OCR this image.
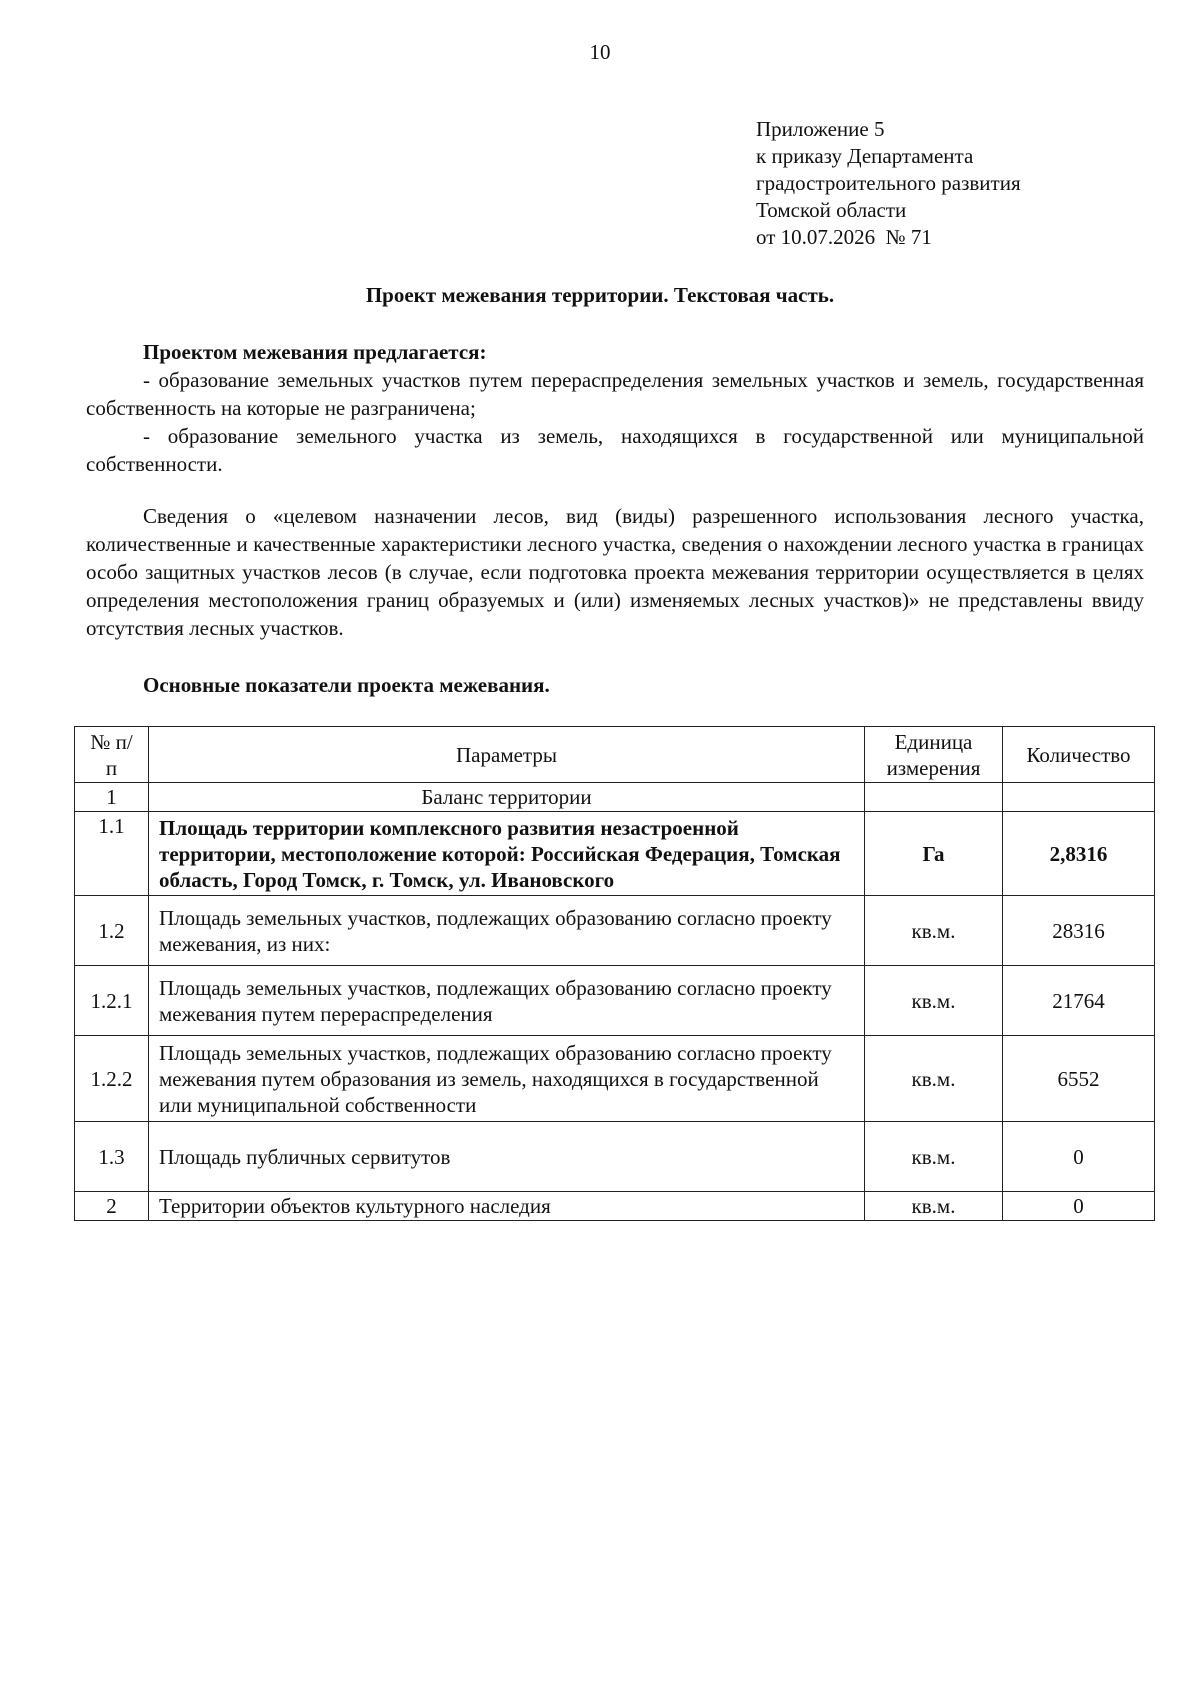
10
Приложение 5
к приказу Департамента
градостроительного развития
Томской области
от 10.07.2026  № 71
Проект межевания территории. Текстовая часть.
Проектом межевания предлагается:

- образование земельных участков путем перераспределения земельных участков и земель, государственная собственность на которые не разграничена;

- образование земельного участка из земель, находящихся в государственной или муниципальной собственности.

Сведения о «целевом назначении лесов, вид (виды) разрешенного использования лесного участка, количественные и качественные характеристики лесного участка, сведения о нахождении лесного участка в границах особо защитных участков лесов (в случае, если подготовка проекта межевания территории осуществляется в целях определения местоположения границ образуемых и (или) изменяемых лесных участков)» не представлены ввиду отсутствия лесных участков.

Основные показатели проекта межевания.
№ п/п	Параметры	Единица измерения	Количество
1	Баланс территории		
1.1	Площадь территории комплексного развития незастроенной территории, местоположение которой: Российская Федерация, Томская область, Город Томск, г. Томск, ул. Ивановского	Га	2,8316
1.2	Площадь земельных участков, подлежащих образованию согласно проекту межевания, из них:	кв.м.	28316
1.2.1	Площадь земельных участков, подлежащих образованию согласно проекту межевания путем перераспределения	кв.м.	21764
1.2.2	Площадь земельных участков, подлежащих образованию согласно проекту межевания путем образования из земель, находящихся в государственной или муниципальной собственности	кв.м.	6552
1.3	Площадь публичных сервитутов	кв.м.	0
2	Территории объектов культурного наследия	кв.м.	0
